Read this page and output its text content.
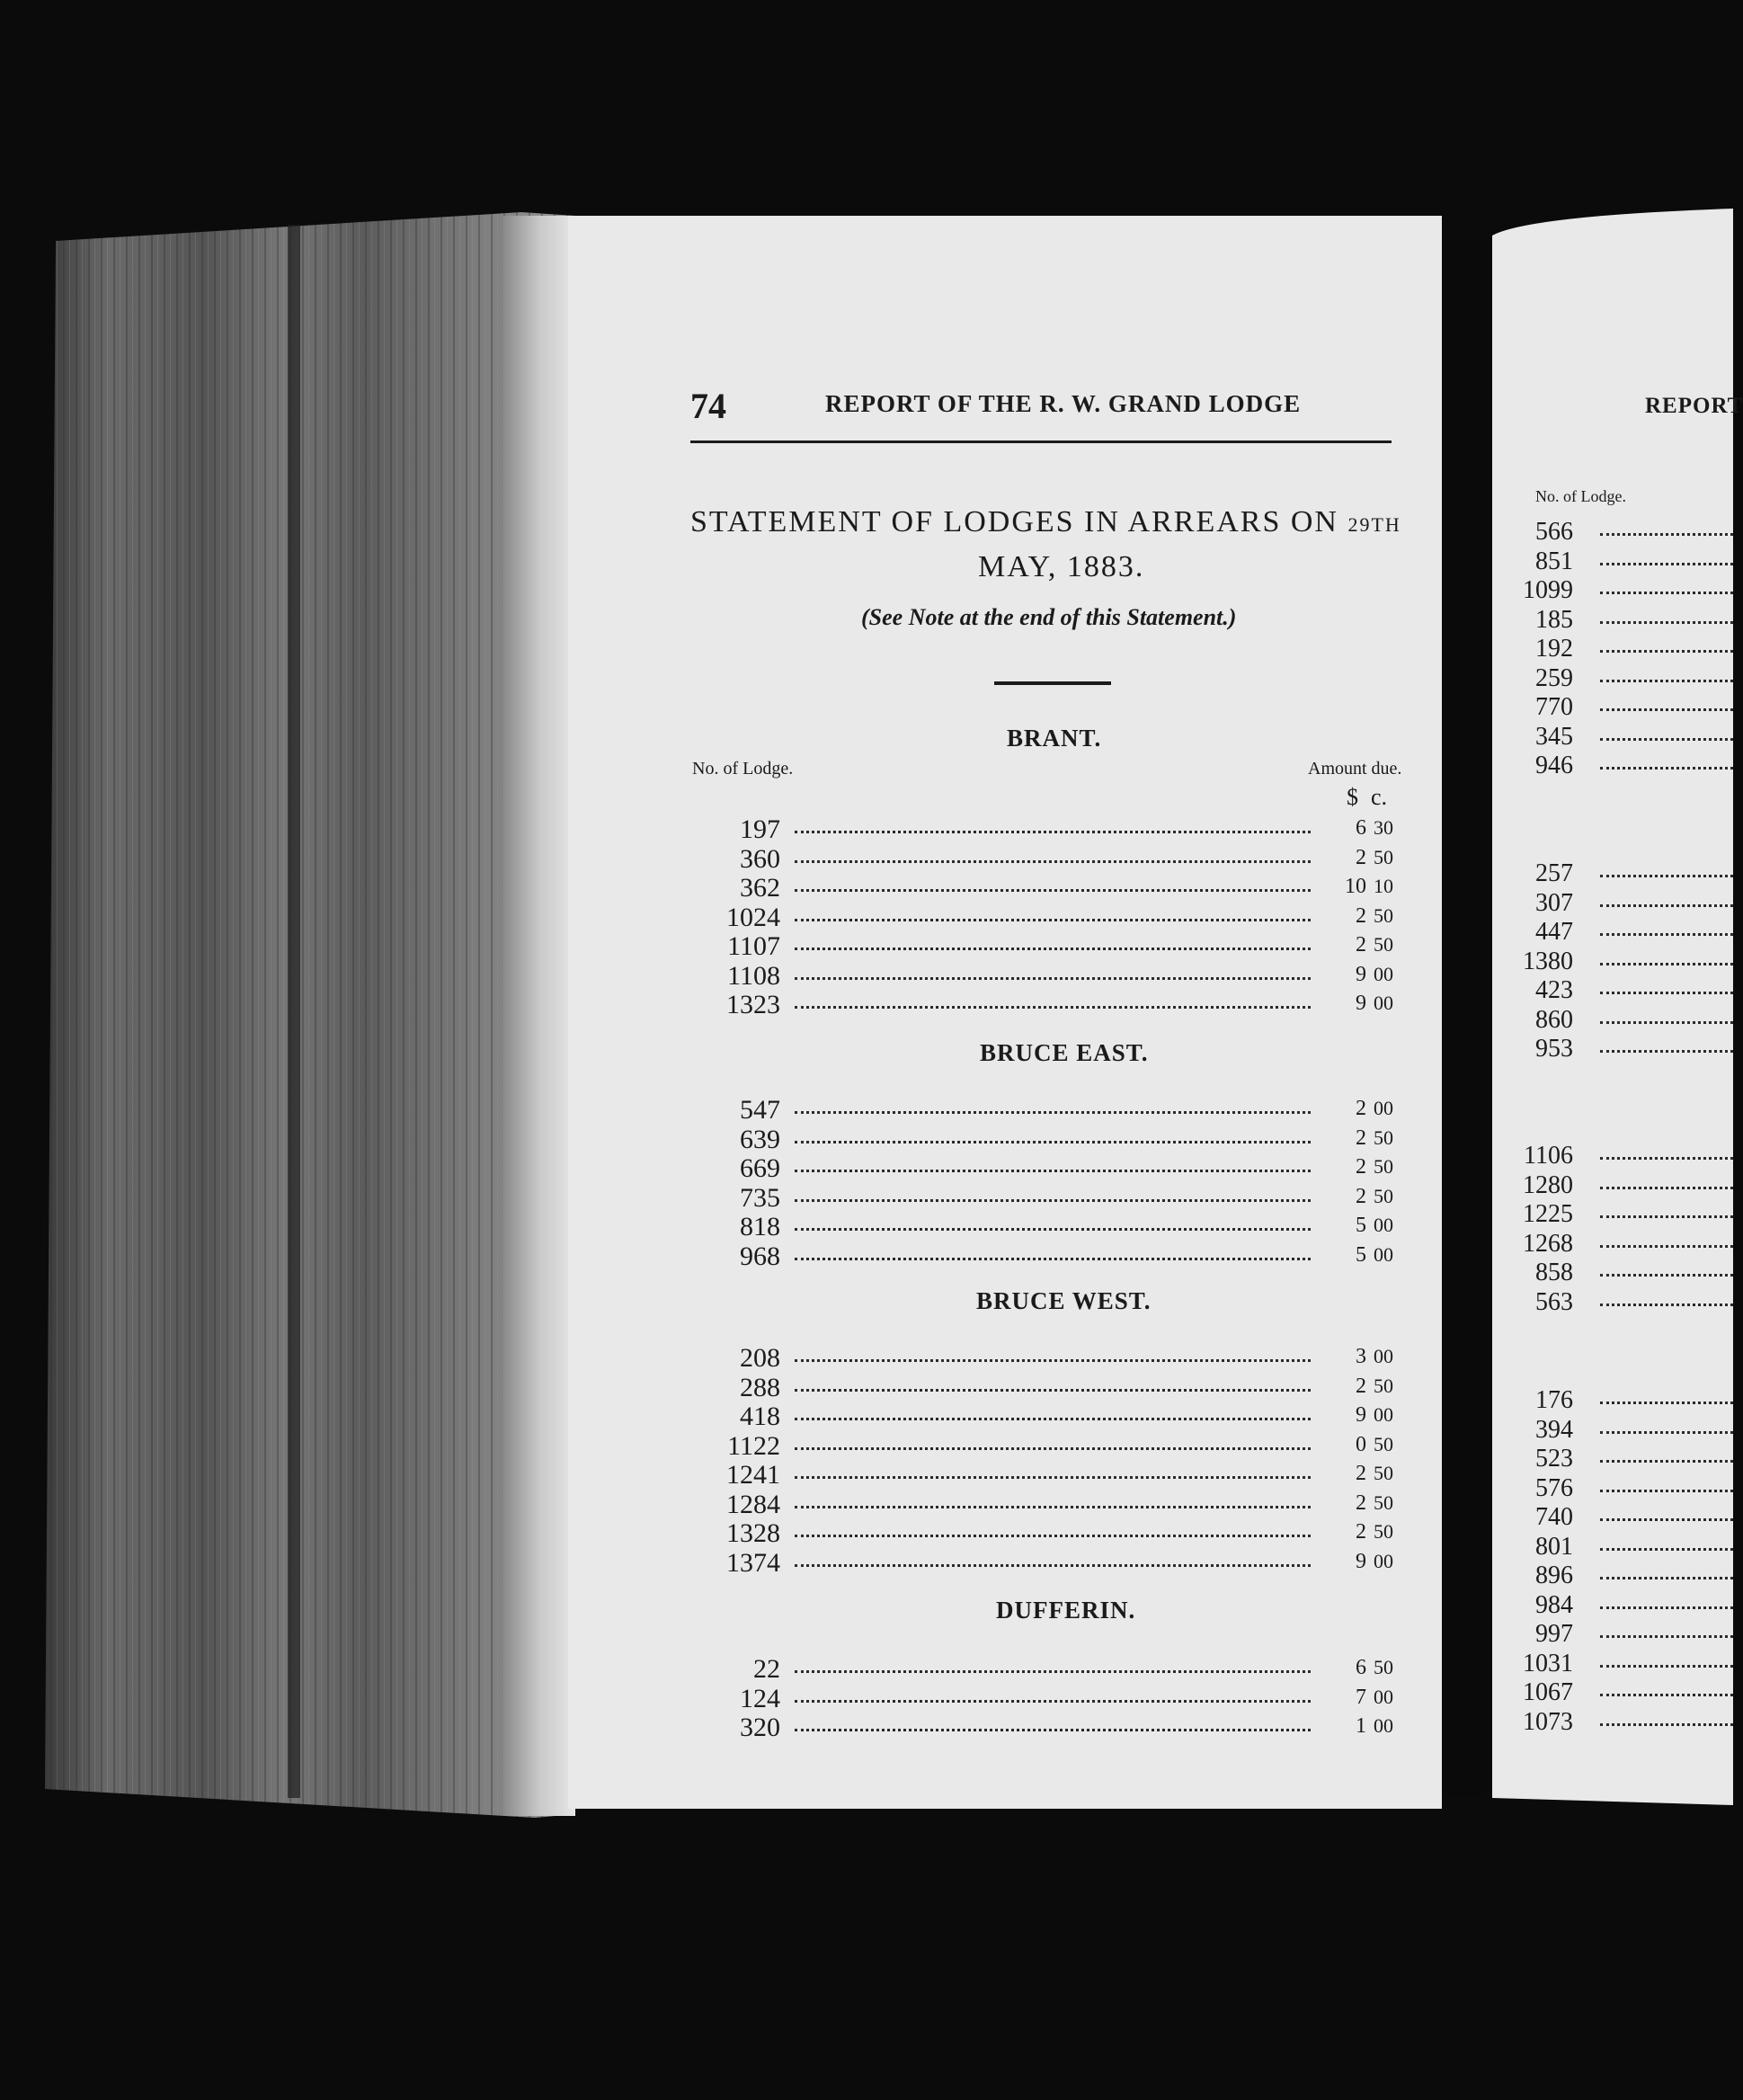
74	REPORT OF THE R. W. GRAND LODGE
STATEMENT OF LODGES IN ARREARS ON 29TH
MAY, 1883.
(See Note at the end of this Statement.)
No. of Lodge.	Amount due.
$ c.
BRANT.
197	6 30
360	2 50
362	10 10
1024	2 50
1107	2 50
1108	9 00
1323	9 00
BRUCE EAST.
547	2 00
639	2 50
669	2 50
735	2 50
818	5 00
968	5 00
BRUCE WEST.
208	3 00
288	2 50
418	9 00
1122	0 50
1241	2 50
1284	2 50
1328	2 50
1374	9 00
DUFFERIN.
22	6 50
124	7 00
320	1 00
REPORT
No. of Lodge.
566
851
1099
185
192
259
770
345
946
257
307
447
1380
423
860
953
1106
1280
1225
1268
858
563
176
394
523
576
740
801
896
984
997
1031
1067
1073
